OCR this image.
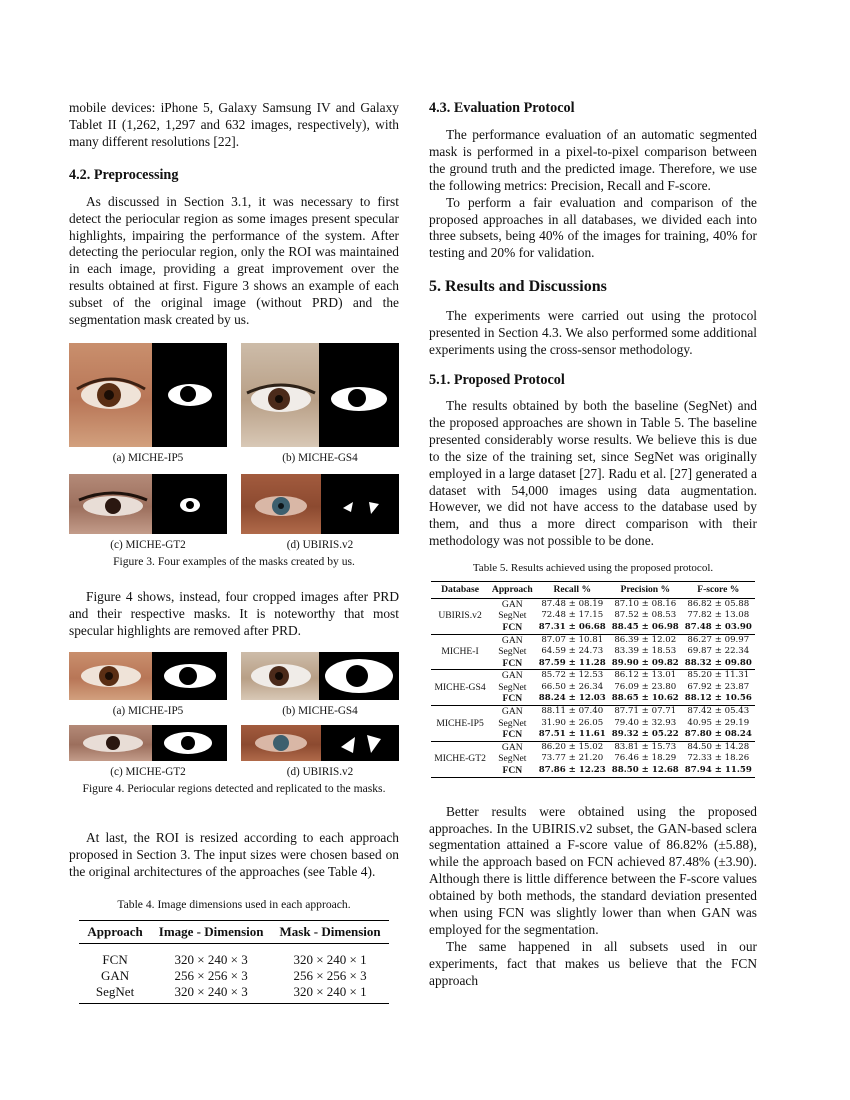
mobile devices: iPhone 5, Galaxy Samsung IV and Galaxy Tablet II (1,262, 1,297 and 632 images, respectively), with many different resolutions [22].

4.2. Preprocessing

As discussed in Section 3.1, it was necessary to first detect the periocular region as some images present specular highlights, impairing the performance of the system. After detecting the periocular region, only the ROI was maintained in each image, providing a great improvement over the results obtained at first. Figure 3 shows an example of each subset of the original image (without PRD) and the segmentation mask created by us.

(a) MICHE-IP5	(b) MICHE-GS4
(c) MICHE-GT2	(d) UBIRIS.v2
Figure 3. Four examples of the masks created by us.

Figure 4 shows, instead, four cropped images after PRD and their respective masks. It is noteworthy that most specular highlights are removed after PRD.

(a) MICHE-IP5	(b) MICHE-GS4
(c) MICHE-GT2	(d) UBIRIS.v2
Figure 4. Periocular regions detected and replicated to the masks.

At last, the ROI is resized according to each approach proposed in Section 3. The input sizes were chosen based on the original architectures of the approaches (see Table 4).

Table 4. Image dimensions used in each approach.
Approach	Image - Dimension	Mask - Dimension

FCN	320 × 240 × 3	320 × 240 × 1
GAN	256 × 256 × 3	256 × 256 × 3
SegNet	320 × 240 × 3	320 × 240 × 1
4.3. Evaluation Protocol

The performance evaluation of an automatic segmented mask is performed in a pixel-to-pixel comparison between the ground truth and the predicted image. Therefore, we use the following metrics: Precision, Recall and F-score.

To perform a fair evaluation and comparison of the proposed approaches in all databases, we divided each into three subsets, being 40% of the images for training, 40% for testing and 20% for validation.

5. Results and Discussions

The experiments were carried out using the protocol presented in Section 4.3. We also performed some additional experiments using the cross-sensor methodology.

5.1. Proposed Protocol

The results obtained by both the baseline (SegNet) and the proposed approaches are shown in Table 5. The baseline presented considerably worse results. We believe this is due to the size of the training set, since SegNet was originally employed in a large dataset [27]. Radu et al. [27] generated a dataset with 54,000 images using data augmentation. However, we did not have access to the database used by them, and thus a more direct comparison with their methodology was not possible to be done.

Table 5. Results achieved using the proposed protocol.
Database	Approach	Recall %	Precision %	F-score %
	GAN	87.48 ± 08.19	87.10 ± 08.16	86.82 ± 05.88
UBIRIS.v2	SegNet	72.48 ± 17.15	87.52 ± 08.53	77.82 ± 13.08
	FCN	87.31 ± 06.68	88.45 ± 06.98	87.48 ± 03.90
	GAN	87.07 ± 10.81	86.39 ± 12.02	86.27 ± 09.97
MICHE-I	SegNet	64.59 ± 24.73	83.39 ± 18.53	69.87 ± 22.34
	FCN	87.59 ± 11.28	89.90 ± 09.82	88.32 ± 09.80
	GAN	85.72 ± 12.53	86.12 ± 13.01	85.20 ± 11.31
MICHE-GS4	SegNet	66.50 ± 26.34	76.09 ± 23.80	67.92 ± 23.87
	FCN	88.24 ± 12.03	88.65 ± 10.62	88.12 ± 10.56
	GAN	88.11 ± 07.40	87.71 ± 07.71	87.42 ± 05.43
MICHE-IP5	SegNet	31.90 ± 26.05	79.40 ± 32.93	40.95 ± 29.19
	FCN	87.51 ± 11.61	89.32 ± 05.22	87.80 ± 08.24
	GAN	86.20 ± 15.02	83.81 ± 15.73	84.50 ± 14.28
MICHE-GT2	SegNet	73.77 ± 21.20	76.46 ± 18.29	72.33 ± 18.26
	FCN	87.86 ± 12.23	88.50 ± 12.68	87.94 ± 11.59

Better results were obtained using the proposed approaches. In the UBIRIS.v2 subset, the GAN-based sclera segmentation attained a F-score value of 86.82% (±5.88), while the approach based on FCN achieved 87.48% (±3.90). Although there is little difference between the F-score values obtained by both methods, the standard deviation presented when using FCN was slightly lower than when GAN was employed for the segmentation.

The same happened in all subsets used in our experiments, fact that makes us believe that the FCN approach
